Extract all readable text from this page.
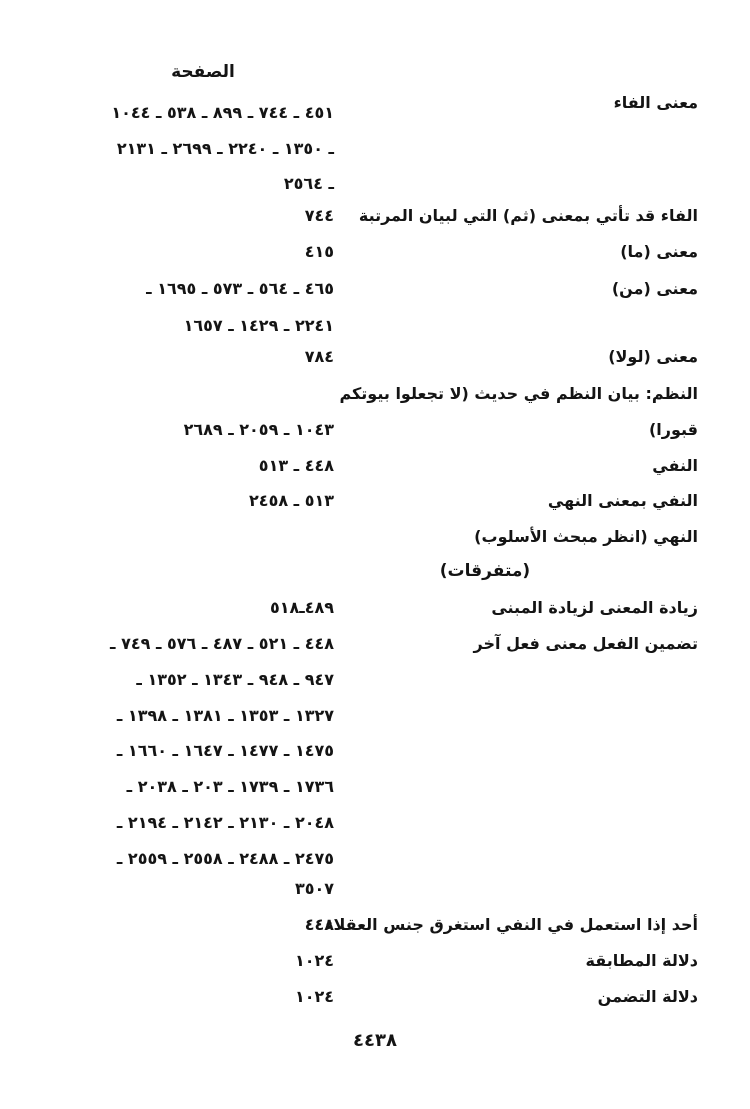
الصفحة
معنى الفاء
٤٥١ ـ ٧٤٤ ـ ٨٩٩ ـ ٥٣٨ ـ ١٠٤٤
ـ ١٣٥٠ ـ ٢٢٤٠ ـ ٢٦٩٩ ـ ٢١٣١
ـ ٢٥٦٤
الفاء قد تأتي بمعنى (ثم) التي لبيان المرتبة
٧٤٤
معنى (ما)
٤١٥
معنى (من)
٤٦٥ ـ ٥٦٤ ـ ٥٧٣ ـ ١٦٩٥ ـ
٢٢٤١ ـ ١٤٢٩ ـ ١٦٥٧
معنى (لولا)
٧٨٤
النظم: بيان النظم في حديث (لا تجعلوا بيوتكم
قبورا)
١٠٤٣ ـ ٢٠٥٩ ـ ٢٦٨٩
النفي
٤٤٨ ـ ٥١٣
النفي بمعنى النهي
٥١٣ ـ ٢٤٥٨
النهي (انظر مبحث الأسلوب)
(متفرقات)
زيادة المعنى لزيادة المبنى
٤٨٩ـ٥١٨
تضمين الفعل معنى فعل آخر
٤٤٨ ـ ٥٢١ ـ ٤٨٧ ـ ٥٧٦ ـ ٧٤٩ ـ
٩٤٧ ـ ٩٤٨ ـ ١٣٤٣ ـ ١٣٥٢ ـ
١٣٢٧ ـ ١٣٥٣ ـ ١٣٨١ ـ ١٣٩٨ ـ
١٤٧٥ ـ ١٤٧٧ ـ ١٦٤٧ ـ ١٦٦٠ ـ
١٧٣٦ ـ ١٧٣٩ ـ ٢٠٣ ـ ٢٠٣٨ ـ
٢٠٤٨ ـ ٢١٣٠ ـ ٢١٤٢ ـ ٢١٩٤ ـ
٢٤٧٥ ـ ٢٤٨٨ ـ ٢٥٥٨ ـ ٢٥٥٩ ـ
٣٥٠٧
أحد إذا استعمل في النفي استغرق جنس العقلاء
٤٤٨
دلالة المطابقة
١٠٢٤
دلالة التضمن
١٠٢٤
٤٤٣٨
